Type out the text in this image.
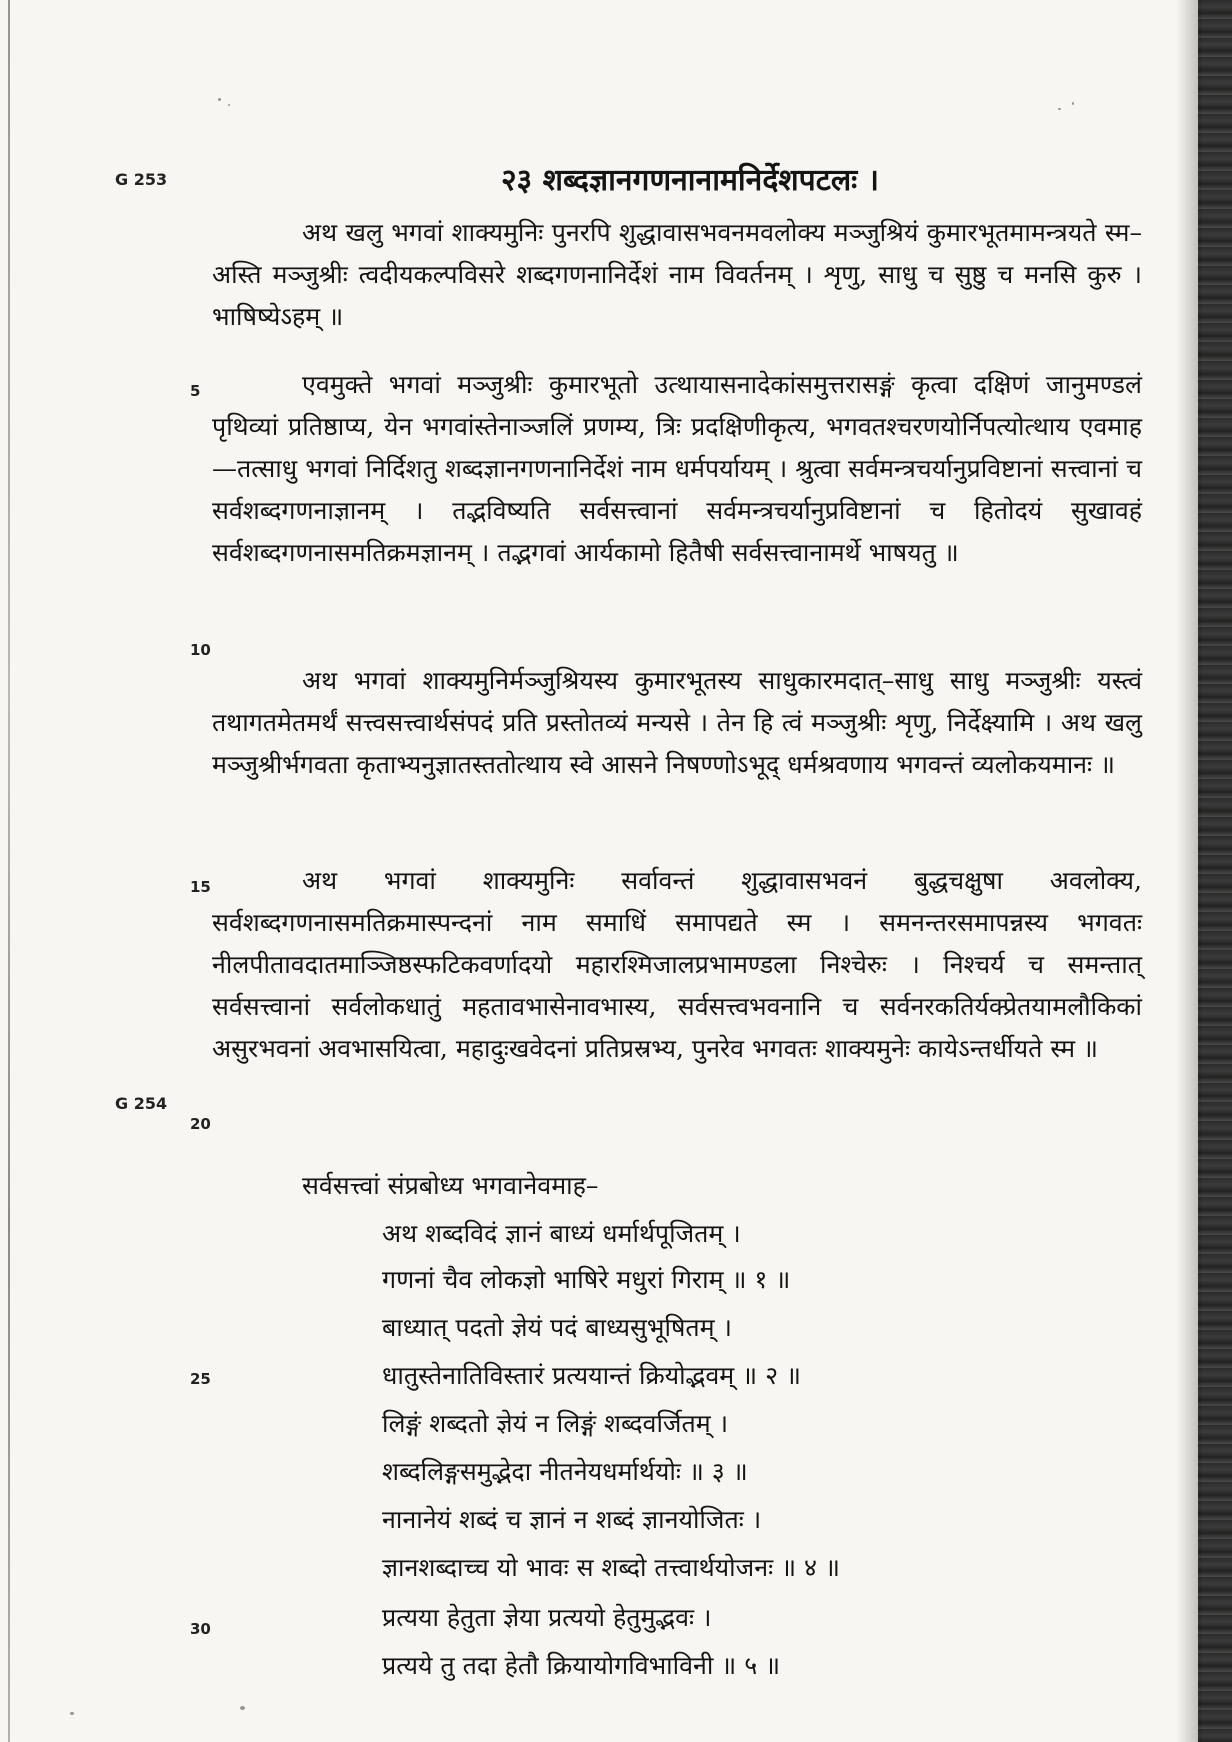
G 253
G 254
२३ शब्दज्ञानगणनानामनिर्देशपटलः ।
5
10
15
20
25
30

अथ खलु भगवां शाक्यमुनिः पुनरपि शुद्धावासभवनमवलोक्य मञ्जुश्रियं कुमारभूतमामन्त्रयते स्म–अस्ति मञ्जुश्रीः त्वदीयकल्पविसरे शब्दगणनानिर्देशं नाम विवर्तनम् । शृणु, साधु च सुष्ठु च मनसि कुरु । भाषिष्येऽहम् ॥

एवमुक्ते भगवां मञ्जुश्रीः कुमारभूतो उत्थायासनादेकांसमुत्तरासङ्गं कृत्वा दक्षिणं जानुमण्डलं पृथिव्यां प्रतिष्ठाप्य, येन भगवांस्तेनाञ्जलिं प्रणम्य, त्रिः प्रदक्षिणीकृत्य, भगवतश्चरणयोर्निपत्योत्थाय एवमाह—तत्साधु भगवां निर्दिशतु शब्दज्ञानगणनानिर्देशं नाम धर्मपर्यायम् । श्रुत्वा सर्वमन्त्रचर्यानुप्रविष्टानां सत्त्वानां च सर्वशब्दगणनाज्ञानम् । तद्भविष्यति सर्वसत्त्वानां सर्वमन्त्रचर्यानुप्रविष्टानां च हितोदयं सुखावहं सर्वशब्दगणनासमतिक्रमज्ञानम् । तद्भगवां आर्यकामो हितैषी सर्वसत्त्वानामर्थे भाषयतु ॥

अथ भगवां शाक्यमुनिर्मञ्जुश्रियस्य कुमारभूतस्य साधुकारमदात्–साधु साधु मञ्जुश्रीः यस्त्वं तथागतमेतमर्थं सत्त्वसत्त्वार्थसंपदं प्रति प्रस्तोतव्यं मन्यसे । तेन हि त्वं मञ्जुश्रीः शृणु, निर्देक्ष्यामि । अथ खलु मञ्जुश्रीर्भगवता कृताभ्यनुज्ञातस्ततोत्थाय स्वे आसने निषण्णोऽभूद् धर्मश्रवणाय भगवन्तं व्यलोकयमानः ॥

अथ भगवां शाक्यमुनिः सर्वावन्तं शुद्धावासभवनं बुद्धचक्षुषा अवलोक्य, सर्वशब्दगणनासमतिक्रमास्पन्दनां नाम समाधिं समापद्यते स्म । समनन्तरसमापन्नस्य भगवतः नीलपीतावदातमाञ्जिष्ठस्फटिकवर्णादयो महारश्मिजालप्रभामण्डला निश्चेरुः । निश्चर्य च समन्तात् सर्वसत्त्वानां सर्वलोकधातुं महतावभासेनावभास्य, सर्वसत्त्वभवनानि च सर्वनरकतिर्यक्प्रेतयामलौकिकां असुरभवनां अवभासयित्वा, महादुःखवेदनां प्रतिप्रस्रभ्य, पुनरेव भगवतः शाक्यमुनेः कायेऽन्तर्धीयते स्म ॥

सर्वसत्त्वां संप्रबोध्य भगवानेवमाह–
अथ शब्दविदं ज्ञानं बाध्यं धर्मार्थपूजितम् ।
गणनां चैव लोकज्ञो भाषिरे मधुरां गिराम् ॥ १ ॥
बाध्यात् पदतो ज्ञेयं पदं बाध्यसुभूषितम् ।
धातुस्तेनातिविस्तारं प्रत्ययान्तं क्रियोद्भवम् ॥ २ ॥
लिङ्गं शब्दतो ज्ञेयं न लिङ्गं शब्दवर्जितम् ।
शब्दलिङ्गसमुद्भेदा नीतनेयधर्मार्थयोः ॥ ३ ॥
नानानेयं शब्दं च ज्ञानं न शब्दं ज्ञानयोजितः ।
ज्ञानशब्दाच्च यो भावः स शब्दो तत्त्वार्थयोजनः ॥ ४ ॥
प्रत्यया हेतुता ज्ञेया प्रत्ययो हेतुमुद्भवः ।
प्रत्यये तु तदा हेतौ क्रियायोगविभाविनी ॥ ५ ॥
